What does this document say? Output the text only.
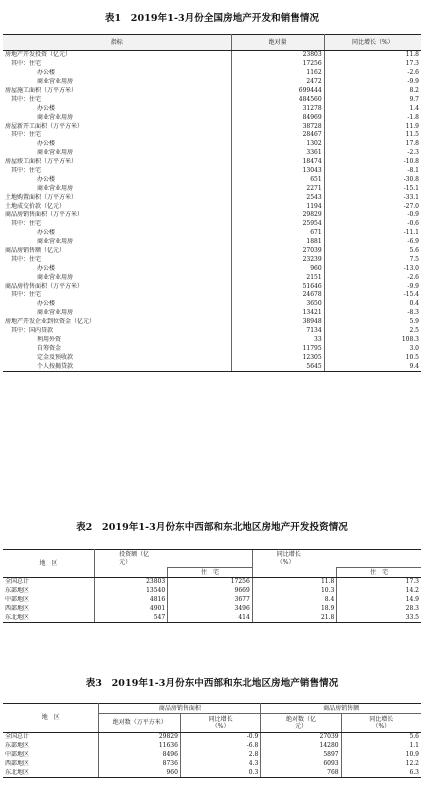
表1　2019年1-3月份全国房地产开发和销售情况
指标	绝对量	同比增长（%）
房地产开发投资（亿元）	23803	11.8
其中：住宅	17256	17.3
办公楼	1162	-2.6
商业营业用房	2472	-9.9
房屋施工面积（万平方米）	699444	8.2
其中：住宅	484560	9.7
办公楼	31278	1.4
商业营业用房	84969	-1.8
房屋新开工面积（万平方米）	38728	11.9
其中：住宅	28467	11.5
办公楼	1302	17.8
商业营业用房	3361	-2.3
房屋竣工面积（万平方米）	18474	-10.8
其中：住宅	13043	-8.1
办公楼	651	-30.8
商业营业用房	2271	-15.1
土地购置面积（万平方米）	2543	-33.1
土地成交价款（亿元）	1194	-27.0
商品房销售面积（万平方米）	29829	-0.9
其中：住宅	25954	-0.6
办公楼	671	-11.1
商业营业用房	1881	-6.9
商品房销售额（亿元）	27039	5.6
其中：住宅	23239	7.5
办公楼	960	-13.0
商业营业用房	2151	-2.6
商品房待售面积（万平方米）	51646	-9.9
其中：住宅	24678	-15.4
办公楼	3650	0.4
商业营业用房	13421	-8.3
房地产开发企业到位资金（亿元）	38948	5.9
其中：国内贷款	7134	2.5
利用外资	33	108.3
自筹资金	11795	3.0
定金及预收款	12305	10.5
个人按揭贷款	5645	9.4
表2　2019年1-3月份东中西部和东北地区房地产开发投资情况
地　区	投资额（亿元）		同比增长（%）	
		住　宅		住　宅
全国总计	23803	17256	11.8	17.3
东部地区	13540	9669	10.3	14.2
中部地区	4816	3677	8.4	14.9
西部地区	4901	3496	18.9	28.3
东北地区	547	414	21.8	33.5
表3　2019年1-3月份东中西部和东北地区房地产销售情况
地　区	商品房销售面积		商品房销售额	
	绝对数（万平方米）	同比增长（%）	绝对数（亿元）	同比增长（%）
全国总计	29829	-0.9	27039	5.6
东部地区	11636	-6.8	14280	1.1
中部地区	8496	2.8	5897	10.9
西部地区	8736	4.3	6093	12.2
东北地区	960	0.3	768	6.3
